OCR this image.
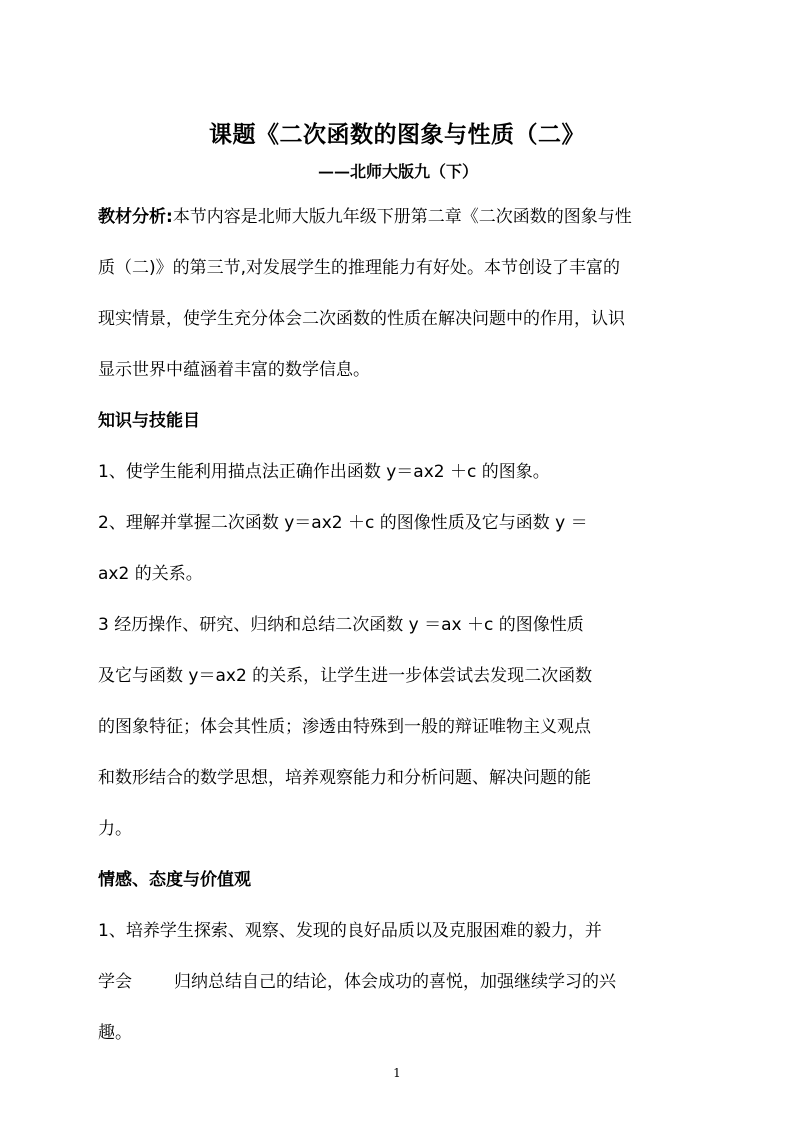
课题《二次函数的图象与性质（二》
——北师大版九（下）
教材分析:本节内容是北师大版九年级下册第二章《二次函数的图象与性
质（二)》的第三节,对发展学生的推理能力有好处。本节创设了丰富的
现实情景，使学生充分体会二次函数的性质在解决问题中的作用，认识
显示世界中蕴涵着丰富的数学信息。
知识与技能目
1、使学生能利用描点法正确作出函数 y＝ax2 ＋c 的图象。
2、理解并掌握二次函数 y＝ax2 ＋c 的图像性质及它与函数 y ＝
ax2 的关系。
3 经历操作、研究、归纳和总结二次函数 y ＝ax ＋c 的图像性质
及它与函数 y＝ax2 的关系，让学生进一步体尝试去发现二次函数
的图象特征；体会其性质；渗透由特殊到一般的辩证唯物主义观点
和数形结合的数学思想，培养观察能力和分析问题、解决问题的能
力。
情感、态度与价值观
1、培养学生探索、观察、发现的良好品质以及克服困难的毅力，并
学会 归纳总结自己的结论，体会成功的喜悦，加强继续学习的兴
趣。
1
